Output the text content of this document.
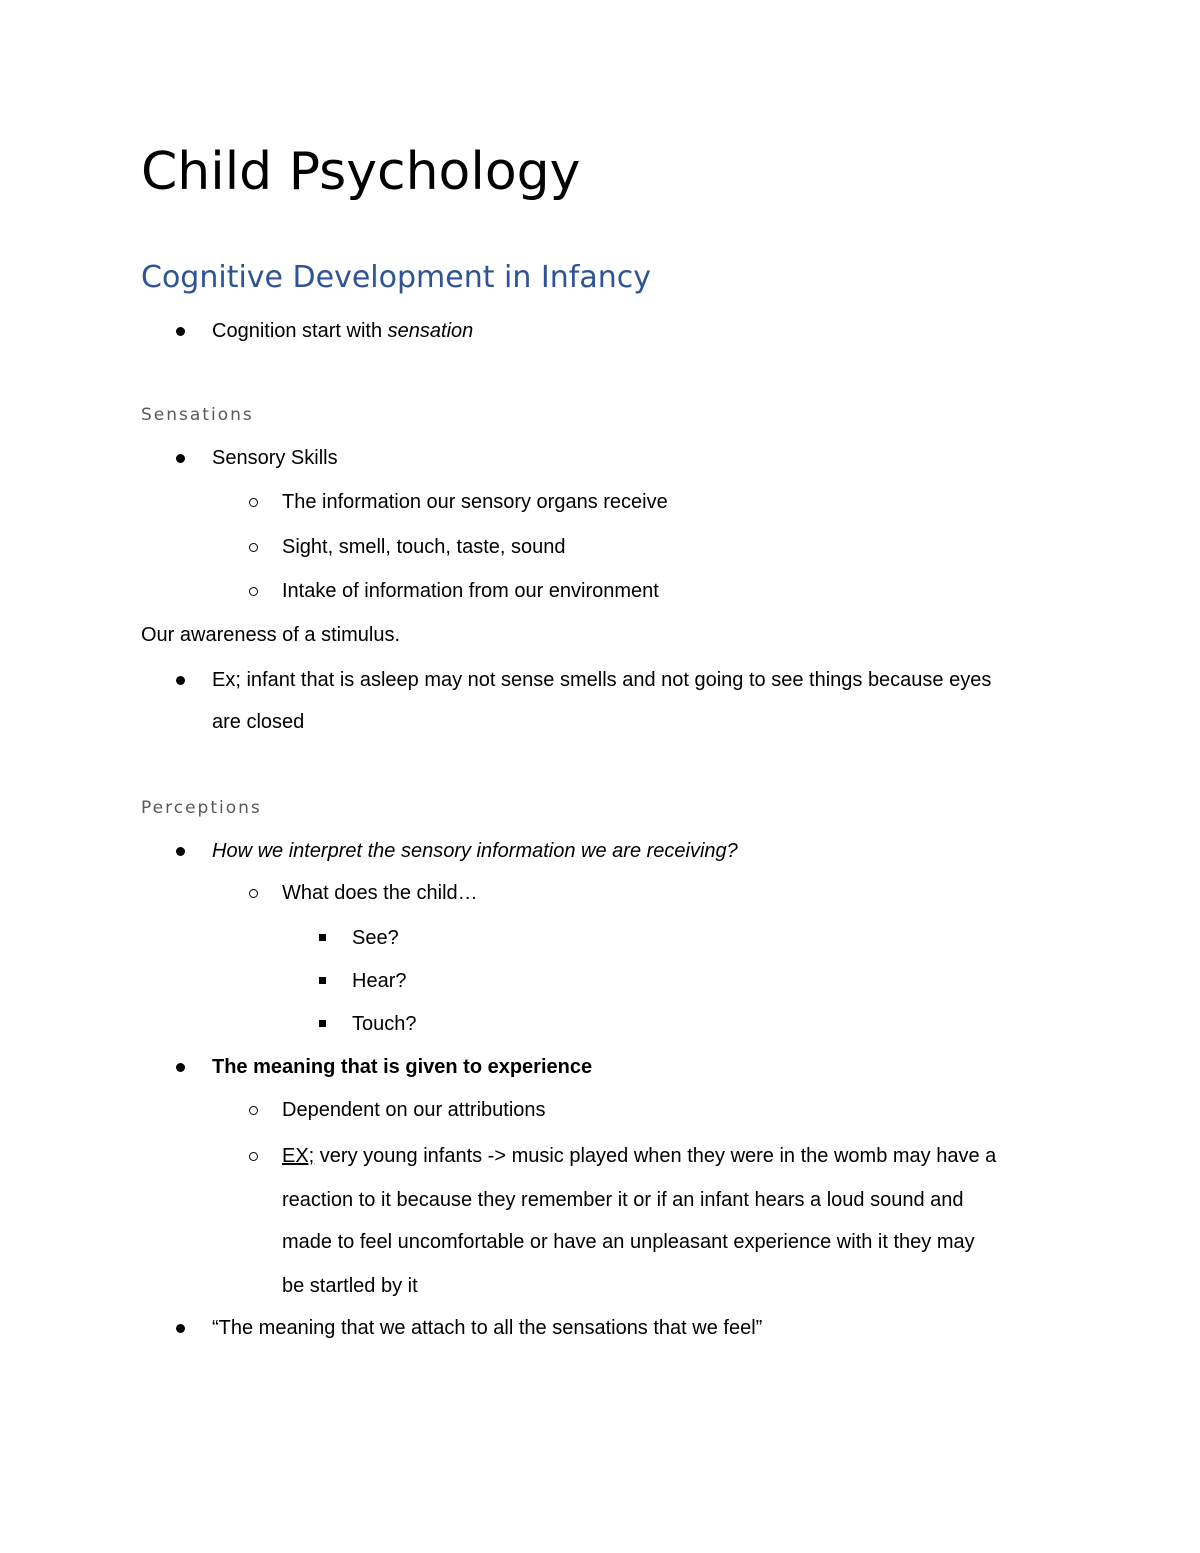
Child Psychology
Cognitive Development in Infancy
Cognition start with sensation
Sensations
Sensory Skills
The information our sensory organs receive
Sight, smell, touch, taste, sound
Intake of information from our environment
Our awareness of a stimulus.
Ex; infant that is asleep may not sense smells and not going to see things because eyes
are closed
Perceptions
How we interpret the sensory information we are receiving?
What does the child…
See?
Hear?
Touch?
The meaning that is given to experience
Dependent on our attributions
EX; very young infants -> music played when they were in the womb may have a
reaction to it because they remember it or if an infant hears a loud sound and
made to feel uncomfortable or have an unpleasant experience with it they may
be startled by it
“The meaning that we attach to all the sensations that we feel”
